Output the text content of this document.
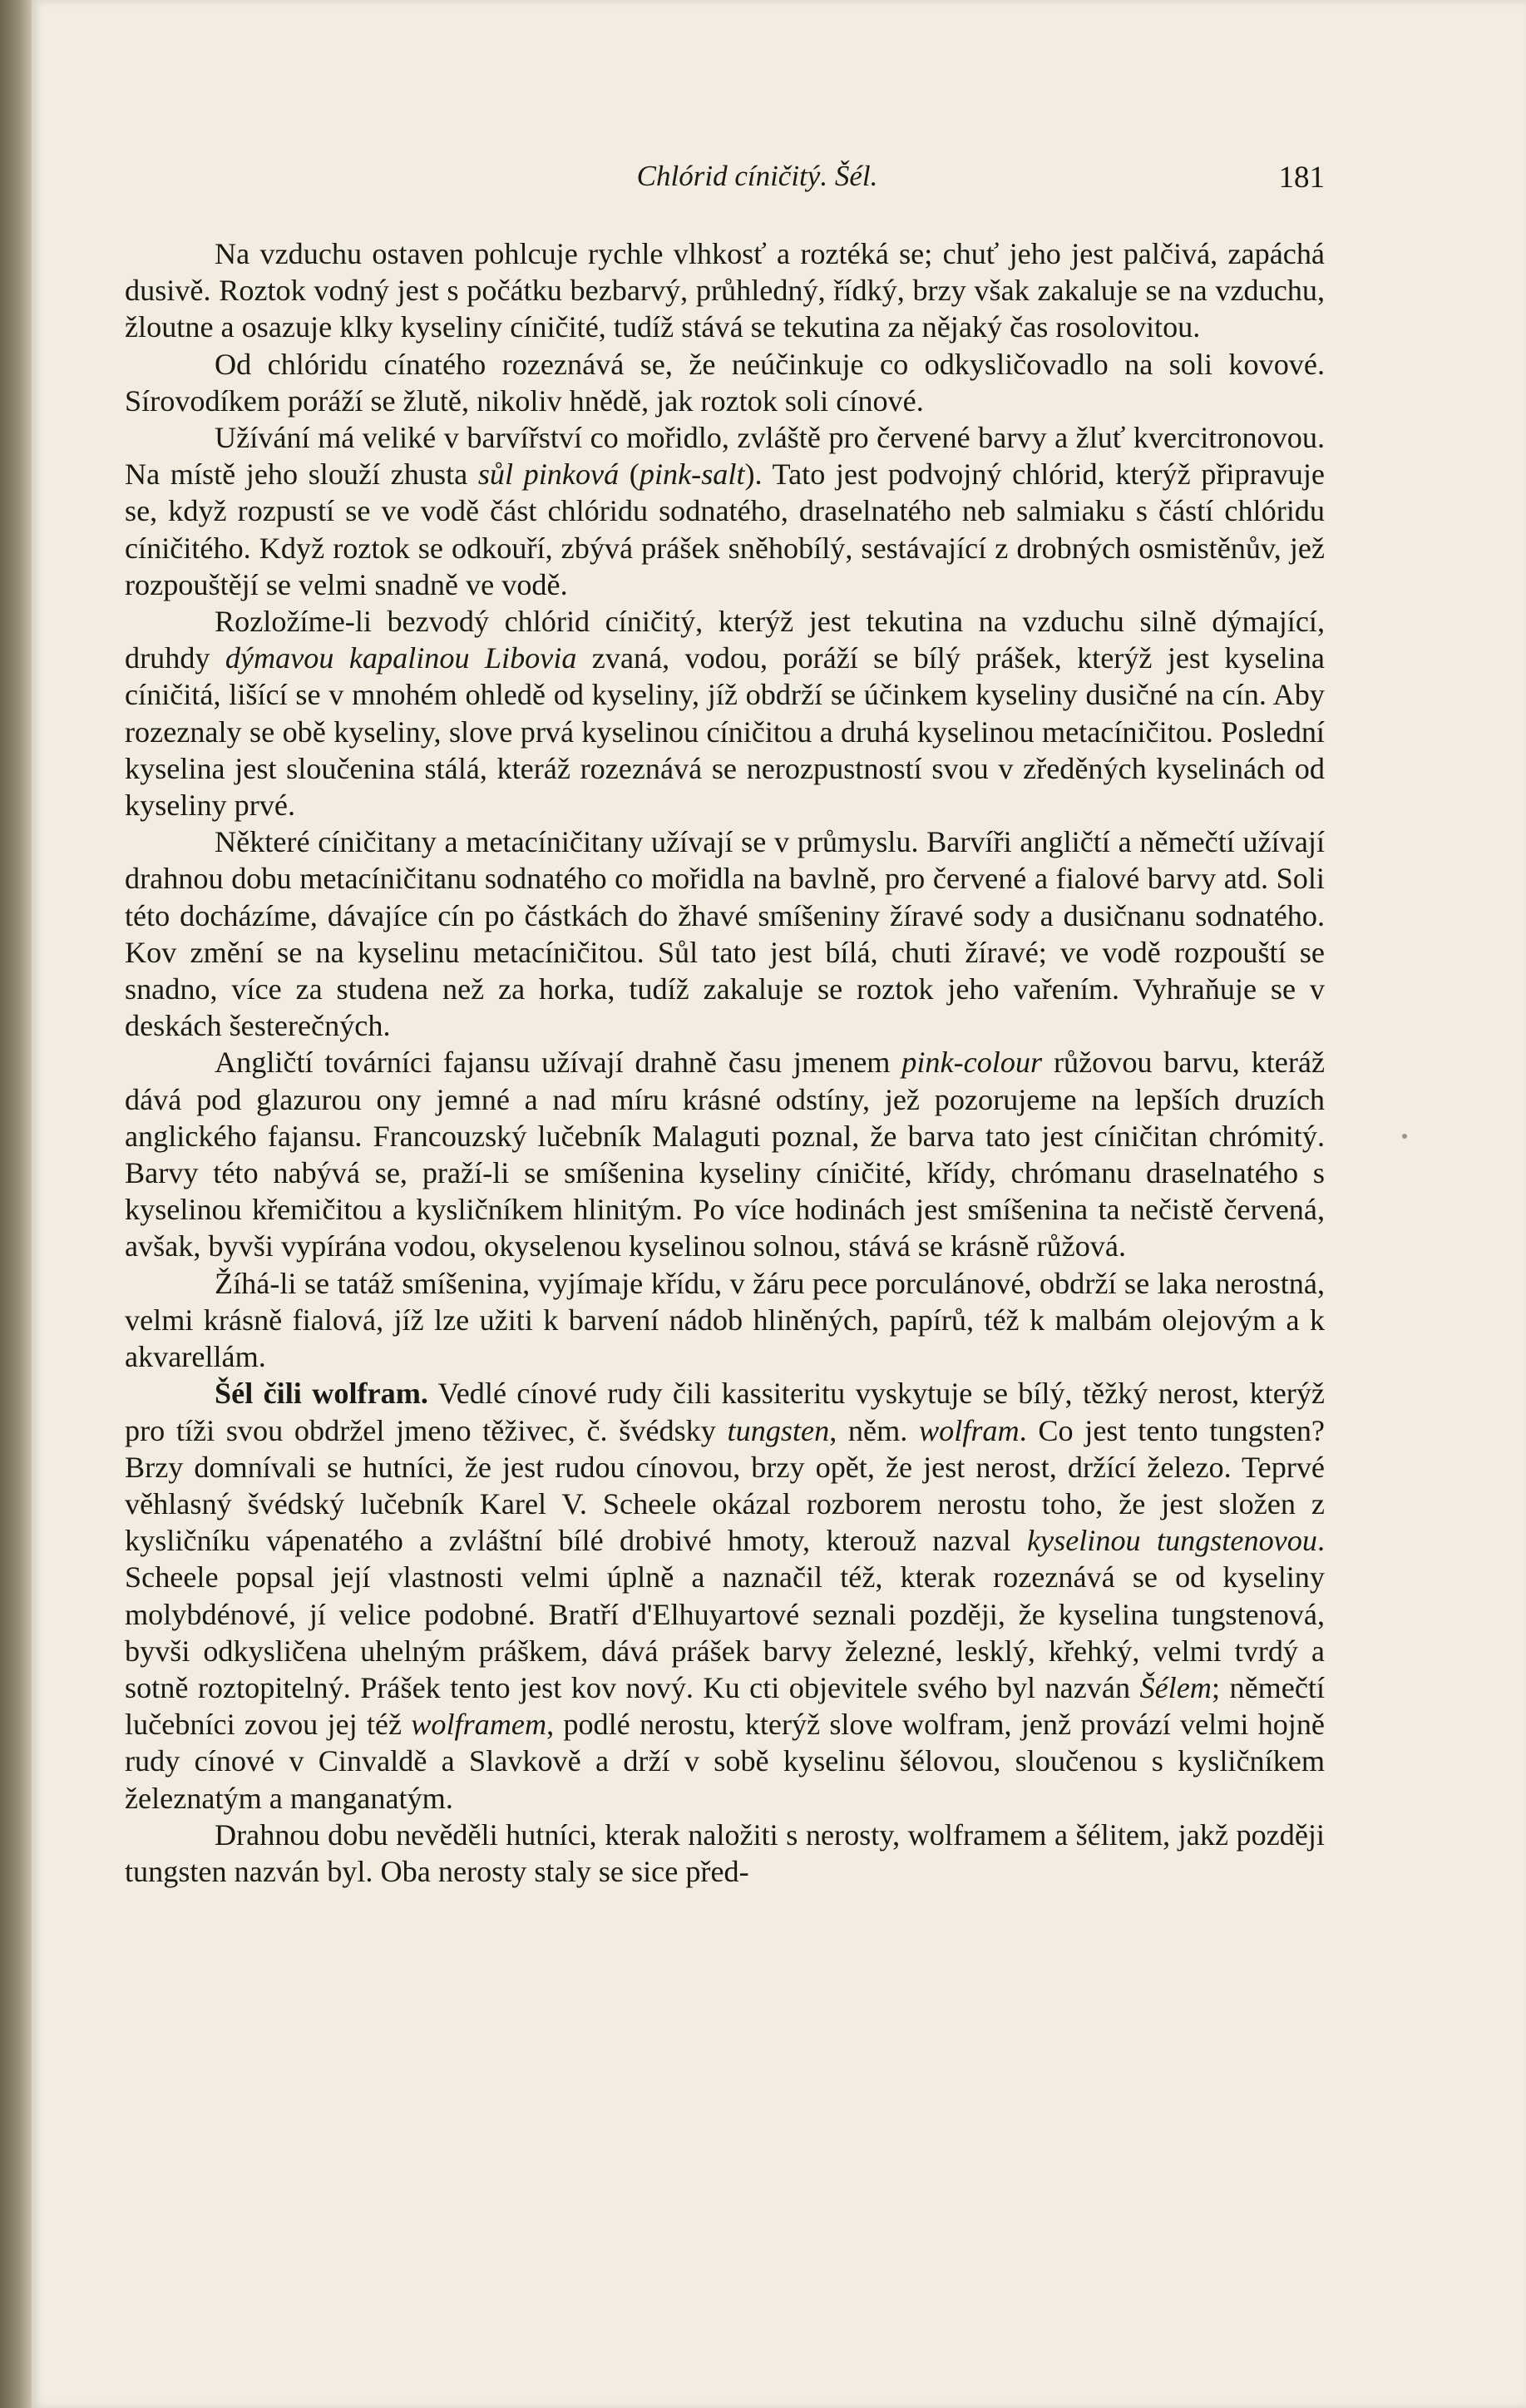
Chlórid cíničitý. Šél.	181

Na vzduchu ostaven pohlcuje rychle vlhkosť a roztéká se; chuť jeho jest palčivá, zapáchá dusivě. Roztok vodný jest s počátku bezbarvý, průhledný, řídký, brzy však zakaluje se na vzduchu, žloutne a osazuje klky kyseliny cíničité, tudíž stává se tekutina za nějaký čas rosolovitou.

Od chlóridu cínatého rozeznává se, že neúčinkuje co odkysličovadlo na soli kovové. Sírovodíkem poráží se žlutě, nikoliv hnědě, jak roztok soli cínové.

Užívání má veliké v barvířství co mořidlo, zvláště pro červené barvy a žluť kvercitronovou. Na místě jeho slouží zhusta sůl pinková (pink-salt). Tato jest podvojný chlórid, kterýž připravuje se, když rozpustí se ve vodě část chlóridu sodnatého, draselnatého neb salmiaku s částí chlóridu cíničitého. Když roztok se odkouří, zbývá prášek sněhobílý, sestávající z drobných osmistěnův, jež rozpouštějí se velmi snadně ve vodě.

Rozložíme-li bezvodý chlórid cíničitý, kterýž jest tekutina na vzduchu silně dýmající, druhdy dýmavou kapalinou Libovia zvaná, vodou, poráží se bílý prášek, kterýž jest kyselina cíničitá, lišící se v mnohém ohledě od kyseliny, jíž obdrží se účinkem kyseliny dusičné na cín. Aby rozeznaly se obě kyseliny, slove prvá kyselinou cíničitou a druhá kyselinou metacíničitou. Poslední kyselina jest sloučenina stálá, kteráž rozeznává se nerozpustností svou v zředěných kyselinách od kyseliny prvé.

Některé cíničitany a metacíničitany užívají se v průmyslu. Barvíři angličtí a němečtí užívají drahnou dobu metacíničitanu sodnatého co mořidla na bavlně, pro červené a fialové barvy atd. Soli této docházíme, dávajíce cín po částkách do žhavé smíšeniny žíravé sody a dusičnanu sodnatého. Kov změní se na kyselinu metacíničitou. Sůl tato jest bílá, chuti žíravé; ve vodě rozpouští se snadno, více za studena než za horka, tudíž zakaluje se roztok jeho vařením. Vyhraňuje se v deskách šesterečných.

Angličtí továrníci fajansu užívají drahně času jmenem pink-colour růžovou barvu, kteráž dává pod glazurou ony jemné a nad míru krásné odstíny, jež pozorujeme na lepších druzích anglického fajansu. Francouzský lučebník Malaguti poznal, že barva tato jest cíničitan chrómitý. Barvy této nabývá se, praží-li se smíšenina kyseliny cíničité, křídy, chrómanu draselnatého s kyselinou křemičitou a kysličníkem hlinitým. Po více hodinách jest smíšenina ta nečistě červená, avšak, byvši vypírána vodou, okyselenou kyselinou solnou, stává se krásně růžová.

Žíhá-li se tatáž smíšenina, vyjímaje křídu, v žáru pece porculánové, obdrží se laka nerostná, velmi krásně fialová, jíž lze užiti k barvení nádob hliněných, papírů, též k malbám olejovým a k akvarellám.

Šél čili wolfram. Vedlé cínové rudy čili kassiteritu vyskytuje se bílý, těžký nerost, kterýž pro tíži svou obdržel jmeno těživec, č. švédsky tungsten, něm. wolfram. Co jest tento tungsten? Brzy domnívali se hutníci, že jest rudou cínovou, brzy opět, že jest nerost, držící železo. Teprvé věhlasný švédský lučebník Karel V. Scheele okázal rozborem nerostu toho, že jest složen z kysličníku vápenatého a zvláštní bílé drobivé hmoty, kterouž nazval kyselinou tungstenovou. Scheele popsal její vlastnosti velmi úplně a naznačil též, kterak rozeznává se od kyseliny molybdénové, jí velice podobné. Bratří d'Elhuyartové seznali později, že kyselina tungstenová, byvši odkysličena uhelným práškem, dává prášek barvy železné, lesklý, křehký, velmi tvrdý a sotně roztopitelný. Prášek tento jest kov nový. Ku cti objevitele svého byl nazván Šélem; němečtí lučebníci zovou jej též wolframem, podlé nerostu, kterýž slove wolfram, jenž provází velmi hojně rudy cínové v Cinvaldě a Slavkově a drží v sobě kyselinu šélovou, sloučenou s kysličníkem železnatým a manganatým.

Drahnou dobu nevěděli hutníci, kterak naložiti s nerosty, wolframem a šélitem, jakž později tungsten nazván byl. Oba nerosty staly se sice před-
